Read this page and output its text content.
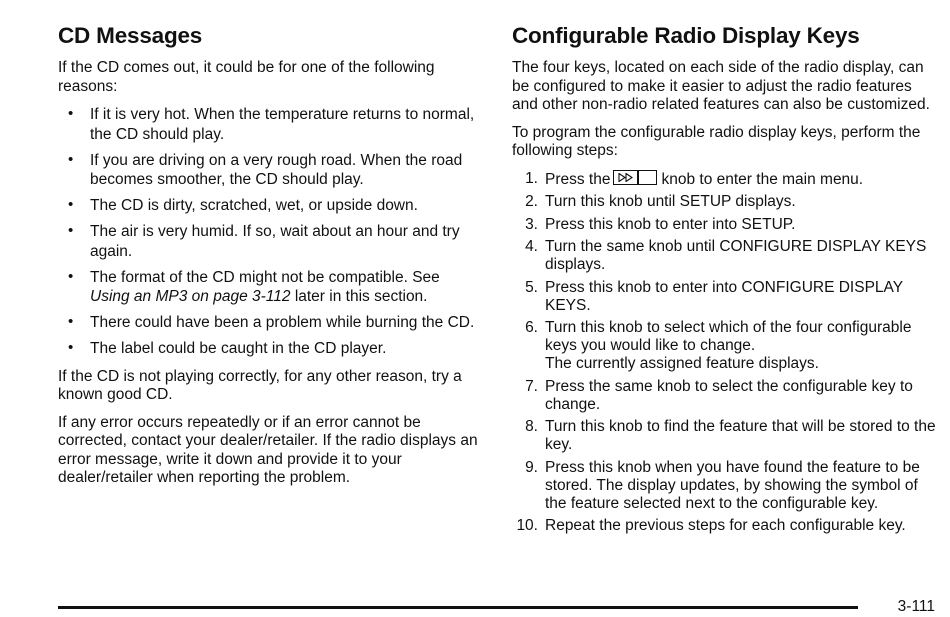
CD Messages

If the CD comes out, it could be for one of the following reasons:

• If it is very hot. When the temperature returns to normal, the CD should play.
• If you are driving on a very rough road. When the road becomes smoother, the CD should play.
• The CD is dirty, scratched, wet, or upside down.
• The air is very humid. If so, wait about an hour and try again.
• The format of the CD might not be compatible. See Using an MP3 on page 3-112 later in this section.
• There could have been a problem while burning the CD.
• The label could be caught in the CD player.

If the CD is not playing correctly, for any other reason, try a known good CD.

If any error occurs repeatedly or if an error cannot be corrected, contact your dealer/retailer. If the radio displays an error message, write it down and provide it to your dealer/retailer when reporting the problem.

Configurable Radio Display Keys

The four keys, located on each side of the radio display, can be configured to make it easier to adjust the radio features and other non-radio related features can also be customized.

To program the configurable radio display keys, perform the following steps:

1. Press the	knob to enter the main menu.
2. Turn this knob until SETUP displays.
3. Press this knob to enter into SETUP.
4. Turn the same knob until CONFIGURE DISPLAY KEYS displays.
5. Press this knob to enter into CONFIGURE DISPLAY KEYS.
6. Turn this knob to select which of the four configurable keys you would like to change.
The currently assigned feature displays.
7. Press the same knob to select the configurable key to change.
8. Turn this knob to find the feature that will be stored to the key.
9. Press this knob when you have found the feature to be stored. The display updates, by showing the symbol of the feature selected next to the configurable key.
10. Repeat the previous steps for each configurable key.
3-111
